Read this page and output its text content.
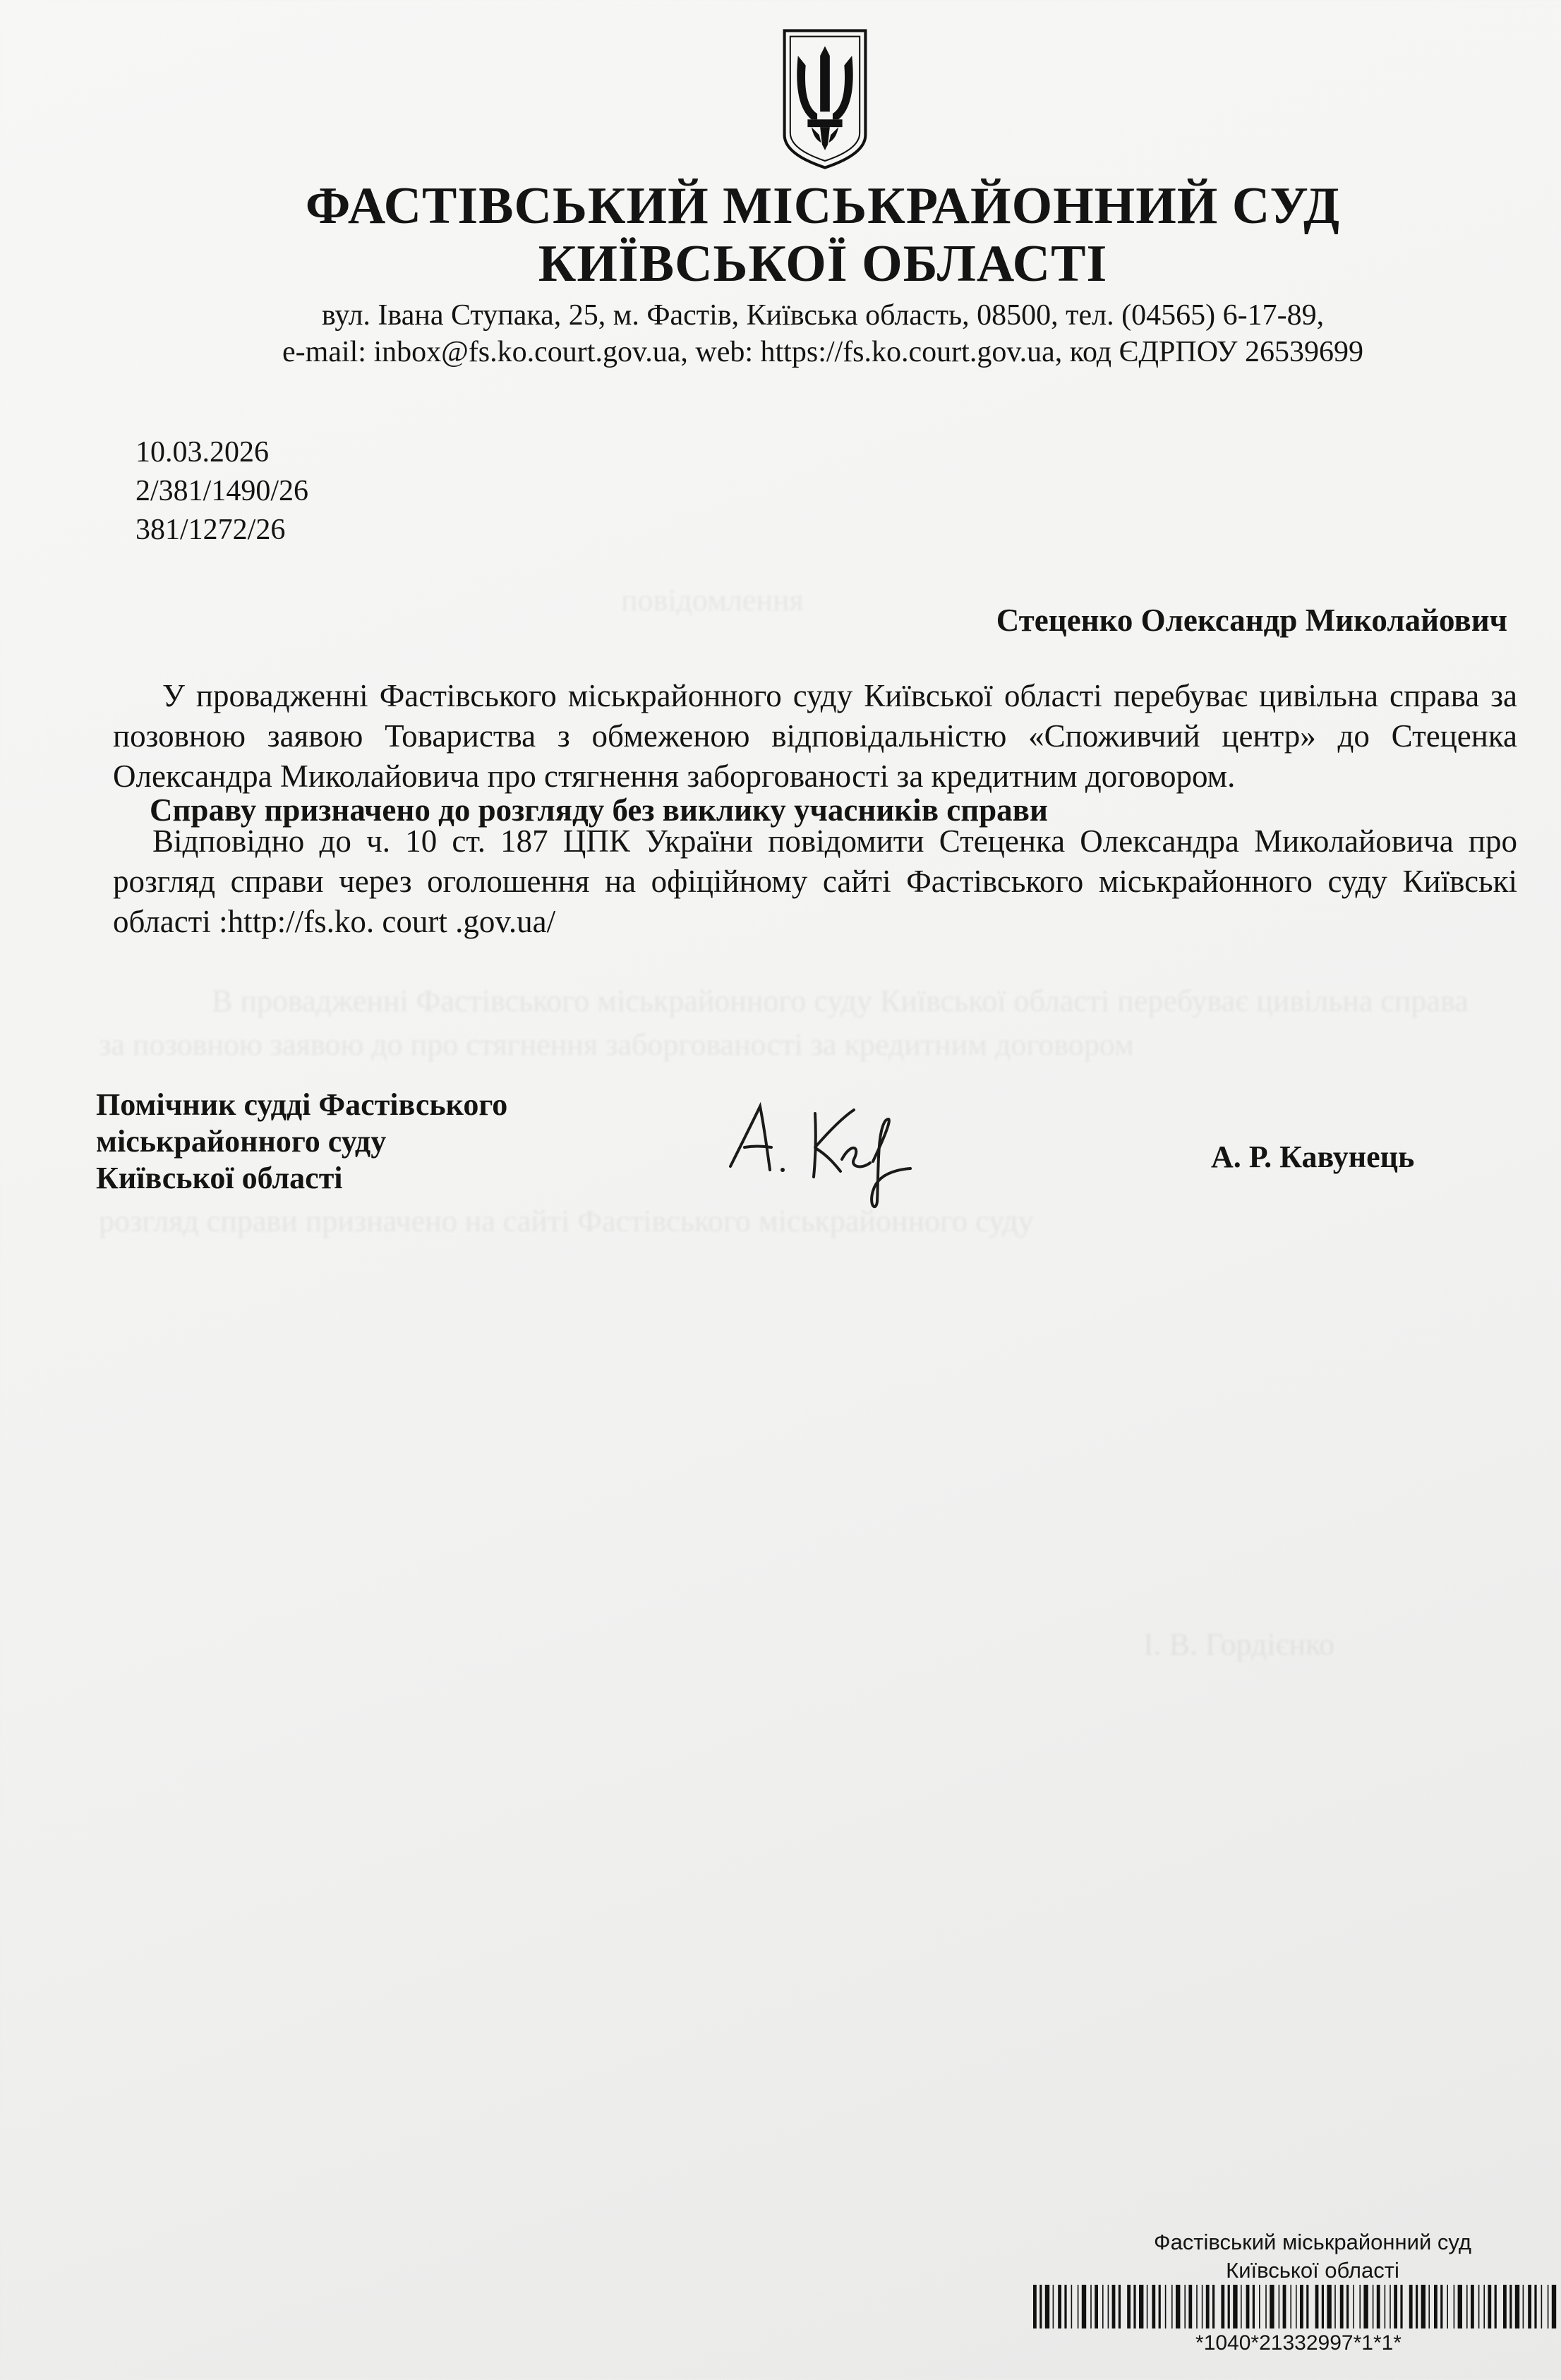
ФАСТІВСЬКИЙ МІСЬКРАЙОННИЙ СУД
КИЇВСЬКОЇ ОБЛАСТІ

вул. Івана Ступака, 25, м. Фастів, Київська область, 08500, тел. (04565) 6-17-89,

e-mail: inbox@fs.ko.court.gov.ua, web: https://fs.ko.court.gov.ua, код ЄДРПОУ 26539699

10.03.2026

2/381/1490/26

381/1272/26

повідомлення

В провадженні Фастівського міськрайонного суду Київської області перебуває цивільна справа

за позовною заявою до про стягнення заборгованості за кредитним договором

розгляд справи призначено на сайті Фастівського міськрайонного суду

І. В. Гордієнко

Стеценко Олександр Миколайович

У провадженні Фастівського міськрайонного суду Київської області перебуває цивільна справа за позовною заявою Товариства з обмеженою відповідальністю «Споживчий центр» до Стеценка Олександра Миколайовича про стягнення заборгованості за кредитним договором.

Справу призначено до розгляду без виклику учасників справи

Відповідно до ч. 10 ст. 187 ЦПК України повідомити Стеценка Олександра Миколайовича про розгляд справи через оголошення на офіційному сайті Фастівського міськрайонного суду Київські області :http://fs.ko. court .gov.ua/

Помічник судді Фастівського
міськрайонного суду
Київської області

А. Р. Кавунець

Фастівський міськрайонний суд

Київської області

*1040*21332997*1*1*
